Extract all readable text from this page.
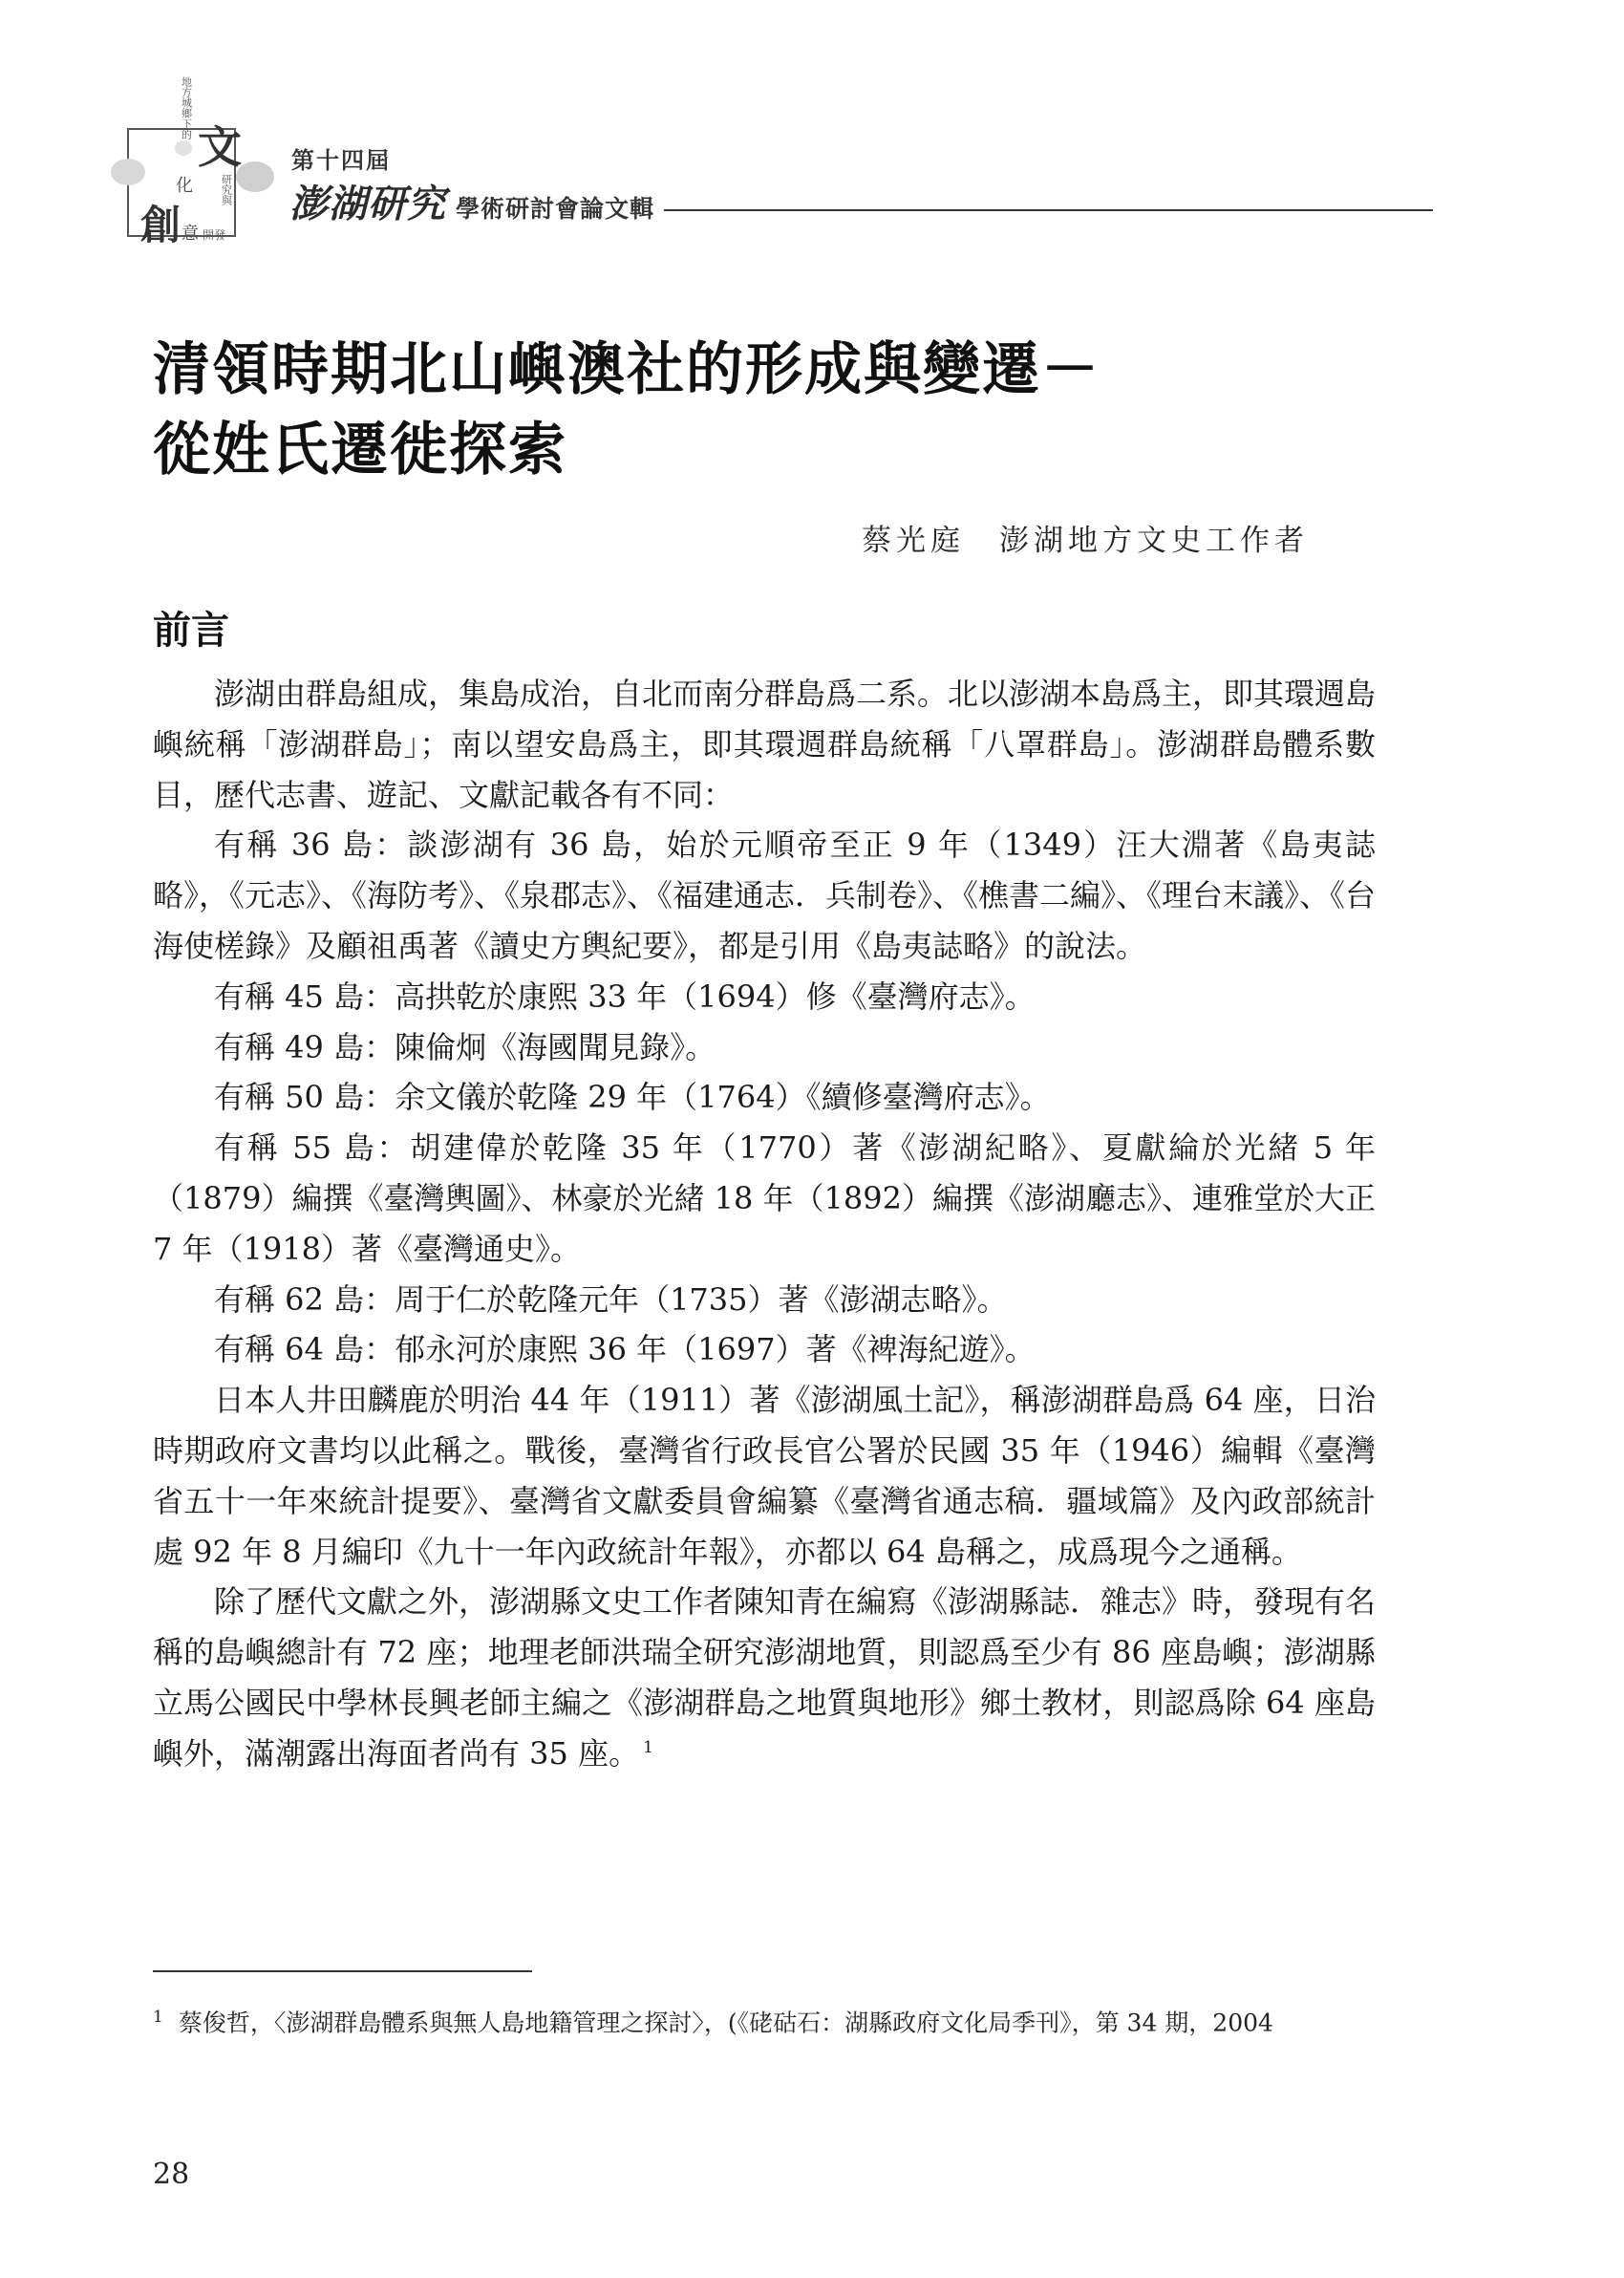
地方城鄉下的
文
化	研究與
創 意 開發
第 十 四 屆
澎湖研究 學術研討會論文輯
清領時期北山嶼澳社的形成與變遷－
從姓氏遷徙探索
蔡光庭　澎湖地方文史工作者
前言

澎湖由群島組成，集島成治，自北而南分群島爲二系。北以澎湖本島爲主，即其環週島嶼統稱「澎湖群島」；南以望安島爲主，即其環週群島統稱「八罩群島」。澎湖群島體系數目，歷代志書、遊記、文獻記載各有不同：

有稱 36 島：談澎湖有 36 島，始於元順帝至正 9 年（1349）汪大淵著《島夷誌略》，《元志》、《海防考》、《泉郡志》、《福建通志．兵制卷》、《樵書二編》、《理台末議》、《台海使槎錄》及顧祖禹著《讀史方輿紀要》，都是引用《島夷誌略》的說法。

有稱 45 島：高拱乾於康熙 33 年（1694）修《臺灣府志》。

有稱 49 島：陳倫炯《海國聞見錄》。

有稱 50 島：余文儀於乾隆 29 年（1764）《續修臺灣府志》。

有稱 55 島：胡建偉於乾隆 35 年（1770）著《澎湖紀略》、夏獻綸於光緒 5 年（1879）編撰《臺灣輿圖》、林豪於光緒 18 年（1892）編撰《澎湖廳志》、連雅堂於大正 7 年（1918）著《臺灣通史》。

有稱 62 島：周于仁於乾隆元年（1735）著《澎湖志略》。

有稱 64 島：郁永河於康熙 36 年（1697）著《裨海紀遊》。

日本人井田麟鹿於明治 44 年（1911）著《澎湖風土記》，稱澎湖群島爲 64 座，日治時期政府文書均以此稱之。戰後，臺灣省行政長官公署於民國 35 年（1946）編輯《臺灣省五十一年來統計提要》、臺灣省文獻委員會編纂《臺灣省通志稿．疆域篇》及內政部統計處 92 年 8 月編印《九十一年內政統計年報》，亦都以 64 島稱之，成爲現今之通稱。

除了歷代文獻之外，澎湖縣文史工作者陳知青在編寫《澎湖縣誌．雜志》時，發現有名稱的島嶼總計有 72 座；地理老師洪瑞全研究澎湖地質，則認爲至少有 86 座島嶼；澎湖縣立馬公國民中學林長興老師主編之《澎湖群島之地質與地形》鄉土教材，則認爲除 64 座島嶼外，滿潮露出海面者尚有 35 座。 $^1$

$^1$ 蔡俊哲，〈澎湖群島體系與無人島地籍管理之探討〉，(《硓𥑮石：湖縣政府文化局季刊》，第 34 期，2004
28
